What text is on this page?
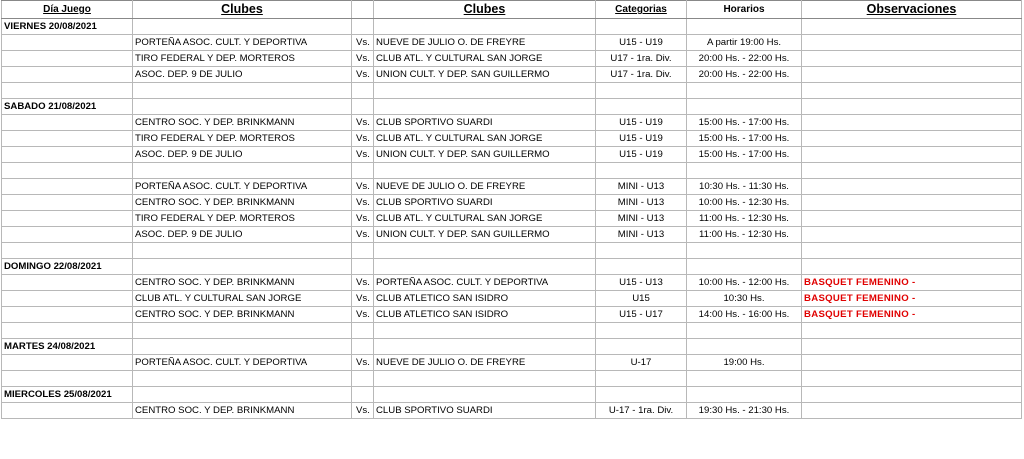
Día Juego	Clubes		Clubes	Categorias	Horarios	Observaciones
VIERNES 20/08/2021						
	PORTEÑA ASOC. CULT. Y DEPORTIVA	Vs.	NUEVE DE JULIO O. DE FREYRE	U15 - U19	A partir 19:00 Hs.	
	TIRO FEDERAL Y DEP. MORTEROS	Vs.	CLUB ATL. Y CULTURAL SAN JORGE	U17 - 1ra. Div.	20:00 Hs. - 22:00 Hs.	
	ASOC. DEP. 9 DE JULIO	Vs.	UNION CULT. Y DEP. SAN GUILLERMO	U17 - 1ra. Div.	20:00 Hs. - 22:00 Hs.	

SABADO 21/08/2021						
	CENTRO SOC. Y DEP. BRINKMANN	Vs.	CLUB SPORTIVO SUARDI	U15 - U19	15:00 Hs. - 17:00 Hs.	
	TIRO FEDERAL Y DEP. MORTEROS	Vs.	CLUB ATL. Y CULTURAL SAN JORGE	U15 - U19	15:00 Hs. - 17:00 Hs.	
	ASOC. DEP. 9 DE JULIO	Vs.	UNION CULT. Y DEP. SAN GUILLERMO	U15 - U19	15:00 Hs. - 17:00 Hs.	

	PORTEÑA ASOC. CULT. Y DEPORTIVA	Vs.	NUEVE DE JULIO O. DE FREYRE	MINI - U13	10:30 Hs. - 11:30 Hs.	
	CENTRO SOC. Y DEP. BRINKMANN	Vs.	CLUB SPORTIVO SUARDI	MINI - U13	10:00 Hs. - 12:30 Hs.	
	TIRO FEDERAL Y DEP. MORTEROS	Vs.	CLUB ATL. Y CULTURAL SAN JORGE	MINI - U13	11:00 Hs. - 12:30 Hs.	
	ASOC. DEP. 9 DE JULIO	Vs.	UNION CULT. Y DEP. SAN GUILLERMO	MINI - U13	11:00 Hs. - 12:30 Hs.	

DOMINGO 22/08/2021						
	CENTRO SOC. Y DEP. BRINKMANN	Vs.	PORTEÑA ASOC. CULT. Y DEPORTIVA	U15 - U13	10:00 Hs. - 12:00 Hs.	BASQUET FEMENINO -
	CLUB ATL. Y CULTURAL SAN JORGE	Vs.	CLUB ATLETICO SAN ISIDRO	U15	10:30 Hs.	BASQUET FEMENINO -
	CENTRO SOC. Y DEP. BRINKMANN	Vs.	CLUB ATLETICO SAN ISIDRO	U15 - U17	14:00 Hs. - 16:00 Hs.	BASQUET FEMENINO -

MARTES 24/08/2021						
	PORTEÑA ASOC. CULT. Y DEPORTIVA	Vs.	NUEVE DE JULIO O. DE FREYRE	U-17	19:00 Hs.	

MIERCOLES 25/08/2021						
	CENTRO SOC. Y DEP. BRINKMANN	Vs.	CLUB SPORTIVO SUARDI	U-17 - 1ra. Div.	19:30 Hs. - 21:30 Hs.	
